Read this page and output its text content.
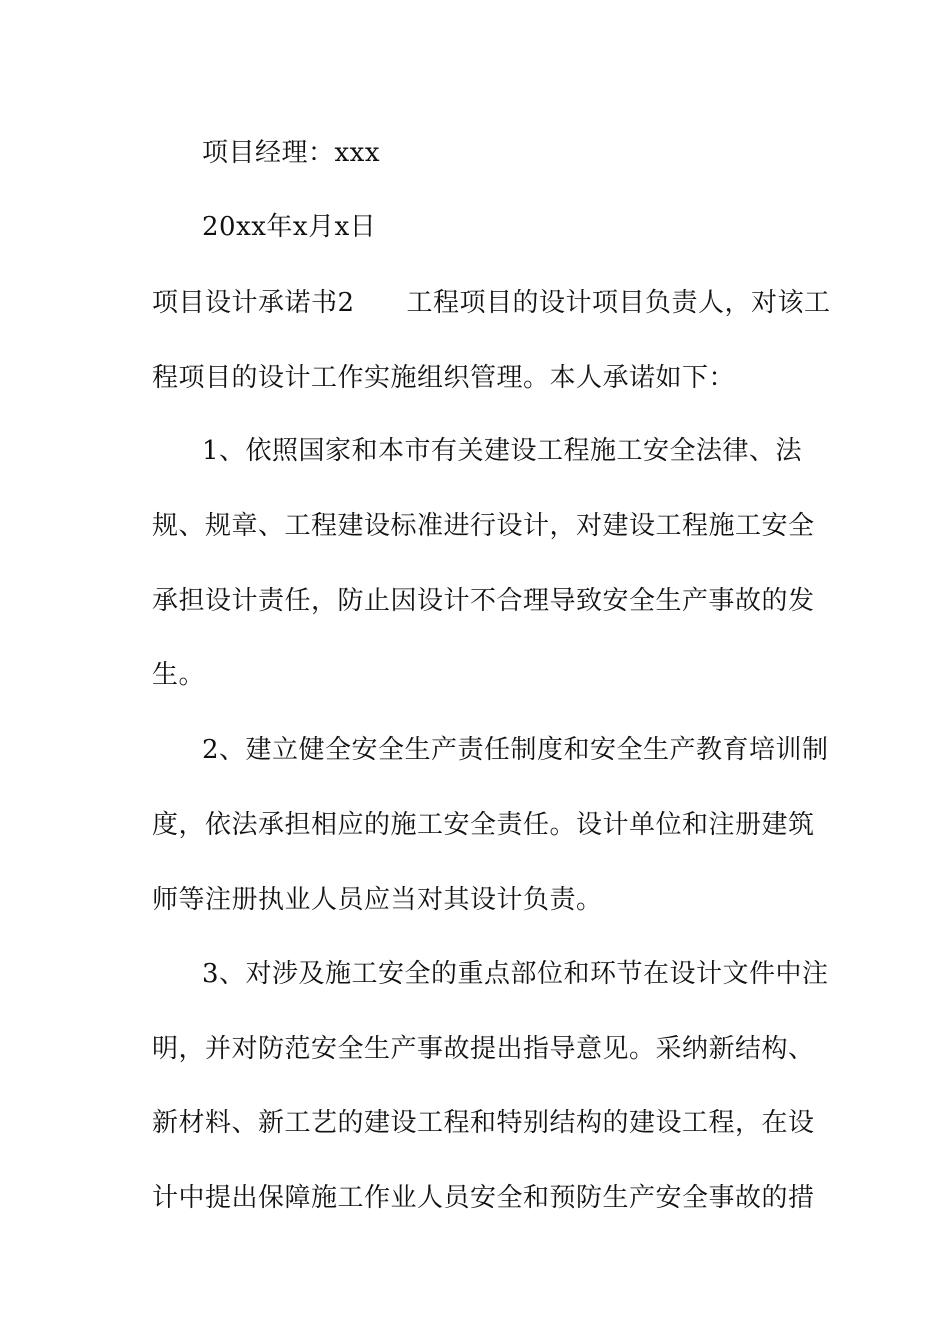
项目经理：xxx
20xx年x月x日
项目设计承诺书2 工程项目的设计项目负责人，对该工
程项目的设计工作实施组织管理。本人承诺如下：
1、依照国家和本市有关建设工程施工安全法律、法
规、规章、工程建设标准进行设计，对建设工程施工安全
承担设计责任，防止因设计不合理导致安全生产事故的发
生。
2、建立健全安全生产责任制度和安全生产教育培训制
度，依法承担相应的施工安全责任。设计单位和注册建筑
师等注册执业人员应当对其设计负责。
3、对涉及施工安全的重点部位和环节在设计文件中注
明，并对防范安全生产事故提出指导意见。采纳新结构、
新材料、新工艺的建设工程和特别结构的建设工程，在设
计中提出保障施工作业人员安全和预防生产安全事故的措
